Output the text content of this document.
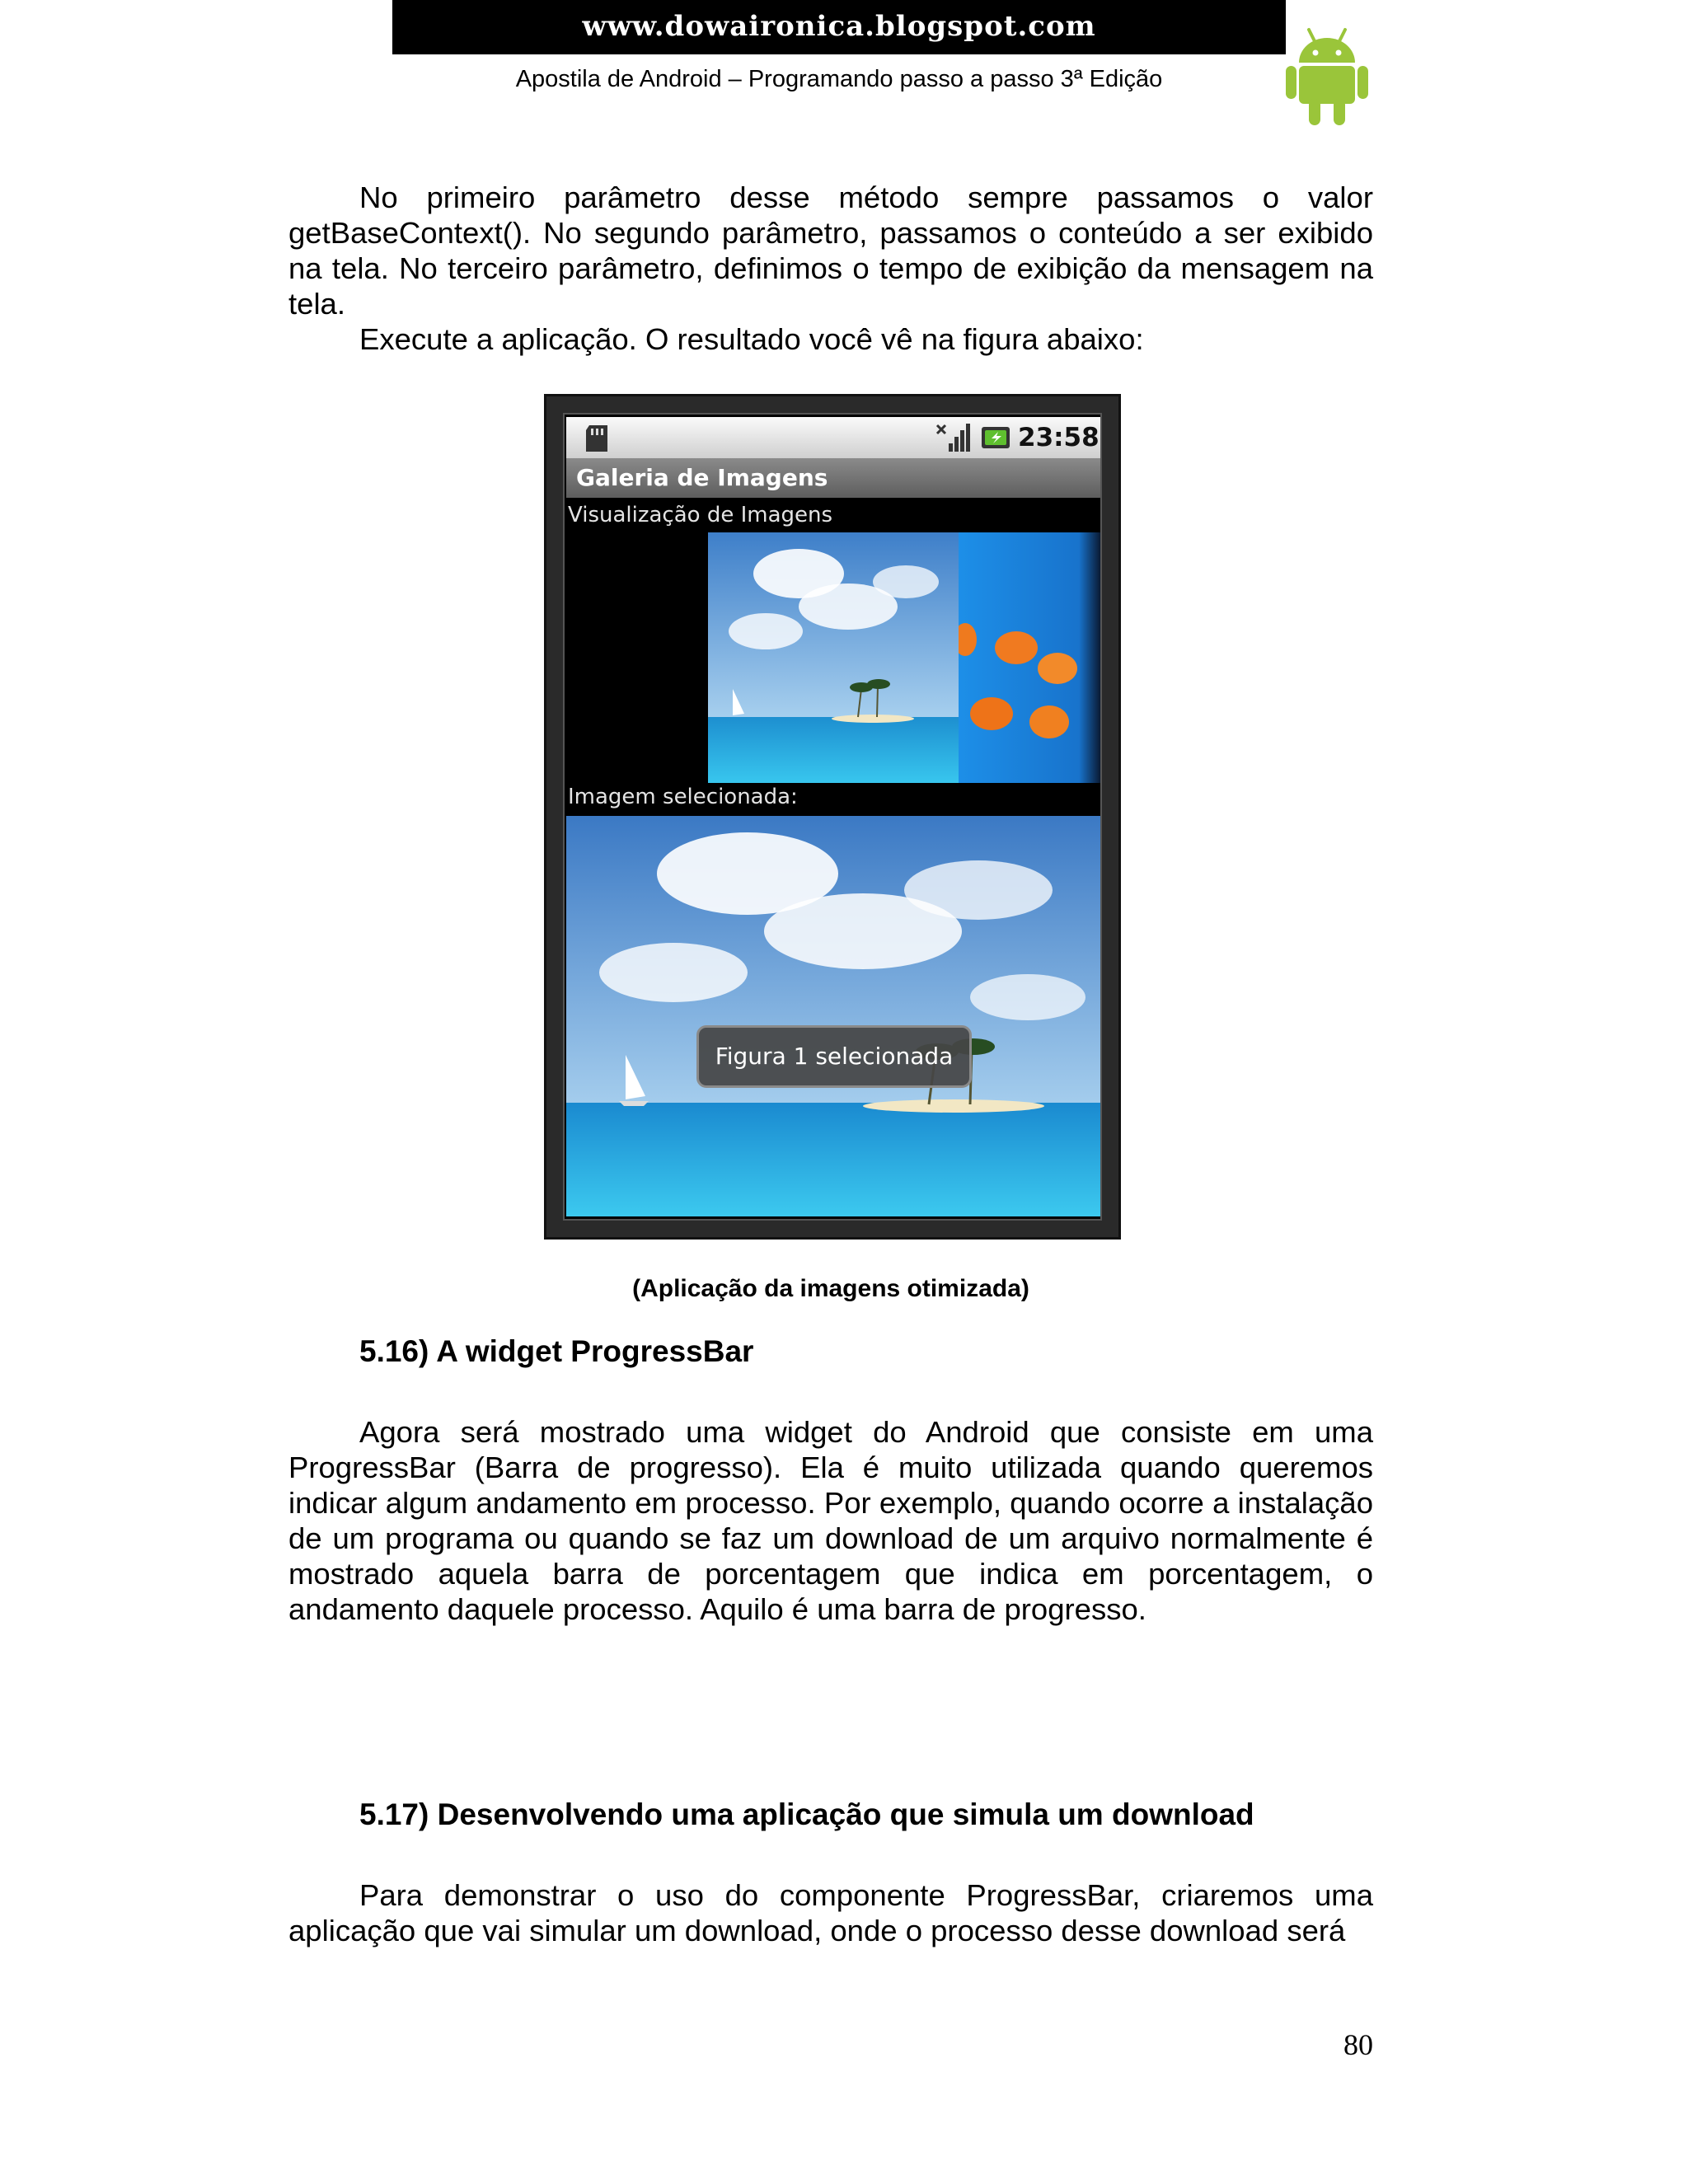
www.dowaironica.blogspot.com
Apostila de Android – Programando passo a passo 3ª Edição

No primeiro parâmetro desse método sempre passamos o valor getBaseContext(). No segundo parâmetro, passamos o conteúdo a ser exibido na tela. No terceiro parâmetro, definimos o tempo de exibição da mensagem na tela.

Execute a aplicação. O resultado você vê na figura abaixo:

23:58
Galeria de Imagens
Visualização de Imagens
Imagem selecionada:
Figura 1 selecionada
(Aplicação da imagens otimizada)
5.16) A widget ProgressBar

Agora será mostrado uma widget do Android que consiste em uma ProgressBar (Barra de progresso). Ela é muito utilizada quando queremos indicar algum andamento em processo. Por exemplo, quando ocorre a instalação de um programa ou quando se faz um download de um arquivo normalmente é mostrado aquela barra de porcentagem que indica em porcentagem, o andamento daquele processo. Aquilo é uma barra de progresso.

5.17) Desenvolvendo uma aplicação que simula um download

Para demonstrar o uso do componente ProgressBar, criaremos uma aplicação que vai simular um download, onde o processo desse download será

80
